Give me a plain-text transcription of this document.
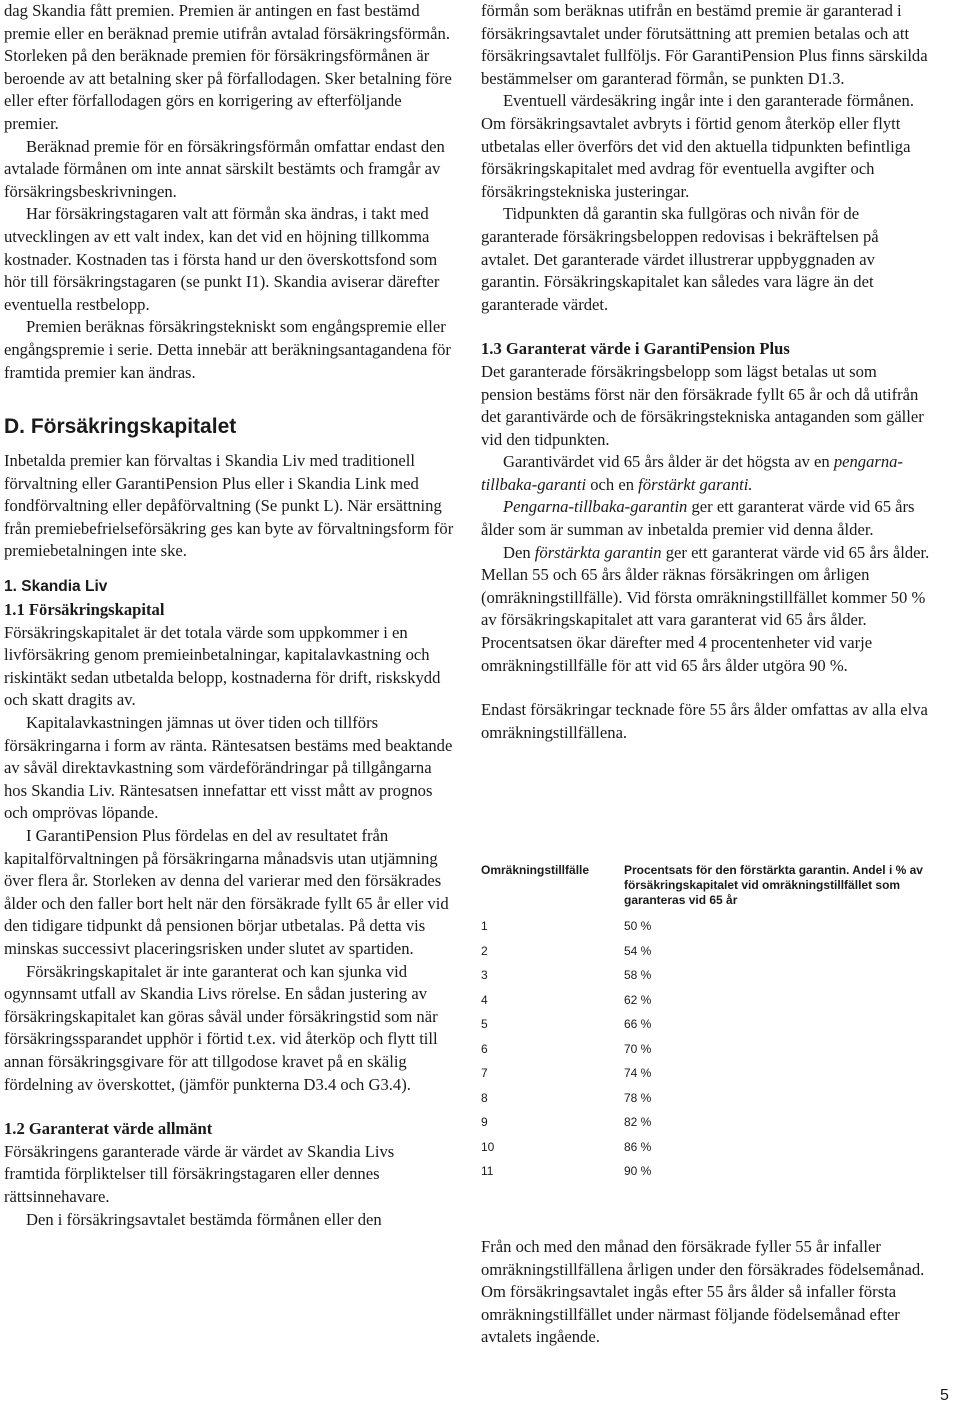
dag Skandia fått premien. Premien är antingen en fast bestämd premie eller en beräknad premie utifrån avtalad försäkringsförmån. Storleken på den beräknade premien för försäkringsförmånen är beroende av att betalning sker på förfallodagen. Sker betalning före eller efter förfallodagen görs en korrigering av efterföljande premier.

Beräknad premie för en försäkringsförmån omfattar endast den avtalade förmånen om inte annat särskilt bestämts och framgår av försäkringsbeskrivningen.

Har försäkringstagaren valt att förmån ska ändras, i takt med utvecklingen av ett valt index, kan det vid en höjning tillkomma kostnader. Kostnaden tas i första hand ur den överskottsfond som hör till försäkringstagaren (se punkt I1). Skandia aviserar därefter eventuella restbelopp.

Premien beräknas försäkringstekniskt som engångspremie eller engångspremie i serie. Detta innebär att beräkningsantagandena för framtida premier kan ändras.

D. Försäkringskapitalet

Inbetalda premier kan förvaltas i Skandia Liv med traditionell förvaltning eller GarantiPension Plus eller i Skandia Link med fondförvaltning eller depåförvaltning (Se punkt L). När ersättning från premiebefrielseförsäkring ges kan byte av förvaltningsform för premiebetalningen inte ske.

1. Skandia Liv

1.1 Försäkringskapital

Försäkringskapitalet är det totala värde som uppkommer i en livförsäkring genom premieinbetalningar, kapitalavkastning och riskintäkt sedan utbetalda belopp, kostnaderna för drift, riskskydd och skatt dragits av.

Kapitalavkastningen jämnas ut över tiden och tillförs försäkringarna i form av ränta. Räntesatsen bestäms med beaktande av såväl direktavkastning som värdeförändringar på tillgångarna hos Skandia Liv. Räntesatsen innefattar ett visst mått av prognos och omprövas löpande.

I GarantiPension Plus fördelas en del av resultatet från kapitalförvaltningen på försäkringarna månadsvis utan utjämning över flera år. Storleken av denna del varierar med den försäkrades ålder och den faller bort helt när den försäkrade fyllt 65 år eller vid den tidigare tidpunkt då pensionen börjar utbetalas. På detta vis minskas successivt placeringsrisken under slutet av spartiden.

Försäkringskapitalet är inte garanterat och kan sjunka vid ogynnsamt utfall av Skandia Livs rörelse. En sådan justering av försäkringskapitalet kan göras såväl under försäkringstid som när försäkringssparandet upphör i förtid t.ex. vid återköp och flytt till annan försäkringsgivare för att tillgodose kravet på en skälig fördelning av överskottet, (jämför punkterna D3.4 och G3.4).

1.2 Garanterat värde allmänt

Försäkringens garanterade värde är värdet av Skandia Livs framtida förpliktelser till försäkringstagaren eller dennes rättsinnehavare.

Den i försäkringsavtalet bestämda förmånen eller den

förmån som beräknas utifrån en bestämd premie är garanterad i försäkringsavtalet under förutsättning att premien betalas och att försäkringsavtalet fullföljs. För GarantiPension Plus finns särskilda bestämmelser om garanterad förmån, se punkten D1.3.

Eventuell värdesäkring ingår inte i den garanterade förmånen. Om försäkringsavtalet avbryts i förtid genom återköp eller flytt utbetalas eller överförs det vid den aktuella tidpunkten befintliga försäkringskapitalet med avdrag för eventuella avgifter och försäkringstekniska justeringar.

Tidpunkten då garantin ska fullgöras och nivån för de garanterade försäkringsbeloppen redovisas i bekräftelsen på avtalet. Det garanterade värdet illustrerar uppbyggnaden av garantin. Försäkringskapitalet kan således vara lägre än det garanterade värdet.

1.3 Garanterat värde i GarantiPension Plus

Det garanterade försäkringsbelopp som lägst betalas ut som pension bestäms först när den försäkrade fyllt 65 år och då utifrån det garantivärde och de försäkringstekniska antaganden som gäller vid den tidpunkten.

Garantivärdet vid 65 års ålder är det högsta av en pengarna-tillbaka-garanti och en förstärkt garanti.

Pengarna-tillbaka-garantin ger ett garanterat värde vid 65 års ålder som är summan av inbetalda premier vid denna ålder.

Den förstärkta garantin ger ett garanterat värde vid 65 års ålder. Mellan 55 och 65 års ålder räknas försäkringen om årligen (omräkningstillfälle). Vid första omräkningstillfället kommer 50 % av försäkringskapitalet att vara garanterat vid 65 års ålder. Procentsatsen ökar därefter med 4 procentenheter vid varje omräkningstillfälle för att vid 65 års ålder utgöra 90 %.

Endast försäkringar tecknade före 55 års ålder omfattas av alla elva omräkningstillfällena.

Omräkningstillfälle	Procentsats för den förstärkta garantin. Andel i % av försäkringskapitalet vid omräkningstillfället som garanteras vid 65 år
1	50 %
2	54 %
3	58 %
4	62 %
5	66 %
6	70 %
7	74 %
8	78 %
9	82 %
10	86 %
11	90 %

Från och med den månad den försäkrade fyller 55 år infaller omräkningstillfällena årligen under den försäkrades födelsemånad. Om försäkringsavtalet ingås efter 55 års ålder så infaller första omräkningstillfället under närmast följande födelsemånad efter avtalets ingående.

5
